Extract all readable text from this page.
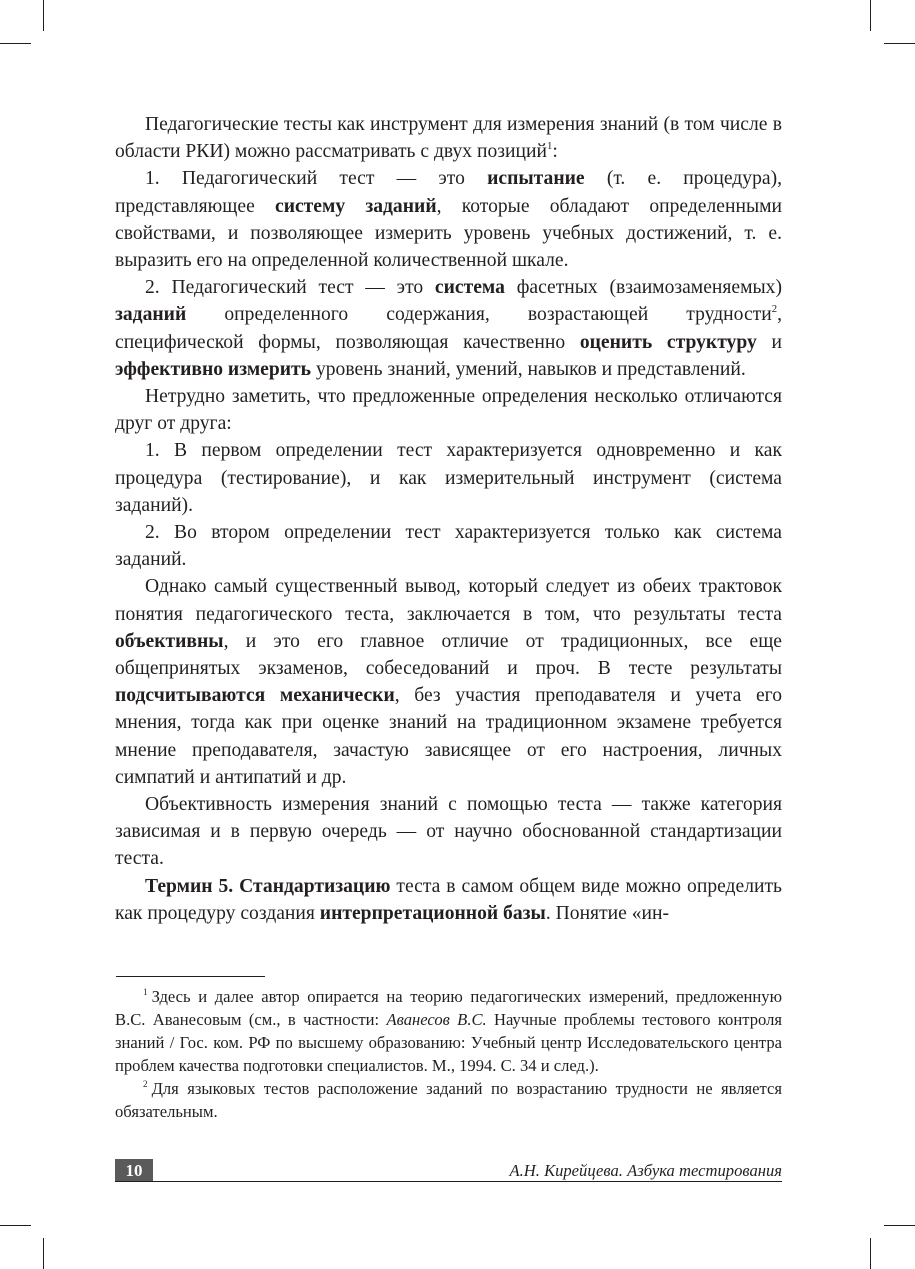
Педагогические тесты как инструмент для измерения знаний (в том числе в области РКИ) можно рассматривать с двух позиций$^1$:

1. Педагогический тест — это испытание (т. е. процедура), представляющее систему заданий, которые обладают определенными свойствами, и позволяющее измерить уровень учебных достижений, т. е. выразить его на определенной количественной шкале.

2. Педагогический тест — это система фасетных (взаимозаменяемых) заданий определенного содержания, возрастающей трудности$^2$, специфической формы, позволяющая качественно оценить структуру и эффективно измерить уровень знаний, умений, навыков и представлений.

Нетрудно заметить, что предложенные определения несколько отличаются друг от друга:

1. В первом определении тест характеризуется одновременно и как процедура (тестирование), и как измерительный инструмент (система заданий).

2. Во втором определении тест характеризуется только как система заданий.

Однако самый существенный вывод, который следует из обеих трактовок понятия педагогического теста, заключается в том, что результаты теста объективны, и это его главное отличие от традиционных, все еще общепринятых экзаменов, собеседований и проч. В тесте результаты подсчитываются механически, без участия преподавателя и учета его мнения, тогда как при оценке знаний на традиционном экзамене требуется мнение преподавателя, зачастую зависящее от его настроения, личных симпатий и антипатий и др.

Объективность измерения знаний с помощью теста — также категория зависимая и в первую очередь — от научно обоснованной стандартизации теста.

Термин 5. Стандартизацию теста в самом общем виде можно определить как процедуру создания интерпретационной базы. Понятие «ин-

$^1$ Здесь и далее автор опирается на теорию педагогических измерений, предложенную В.С. Аванесовым (см., в частности: Аванесов В.С. Научные проблемы тестового контроля знаний / Гос. ком. РФ по высшему образованию: Учебный центр Исследовательского центра проблем качества подготовки специалистов. М., 1994. С. 34 и след.).

$^2$ Для языковых тестов расположение заданий по возрастанию трудности не является обязательным.

10	А.Н. Кирейцева. Азбука тестирования
